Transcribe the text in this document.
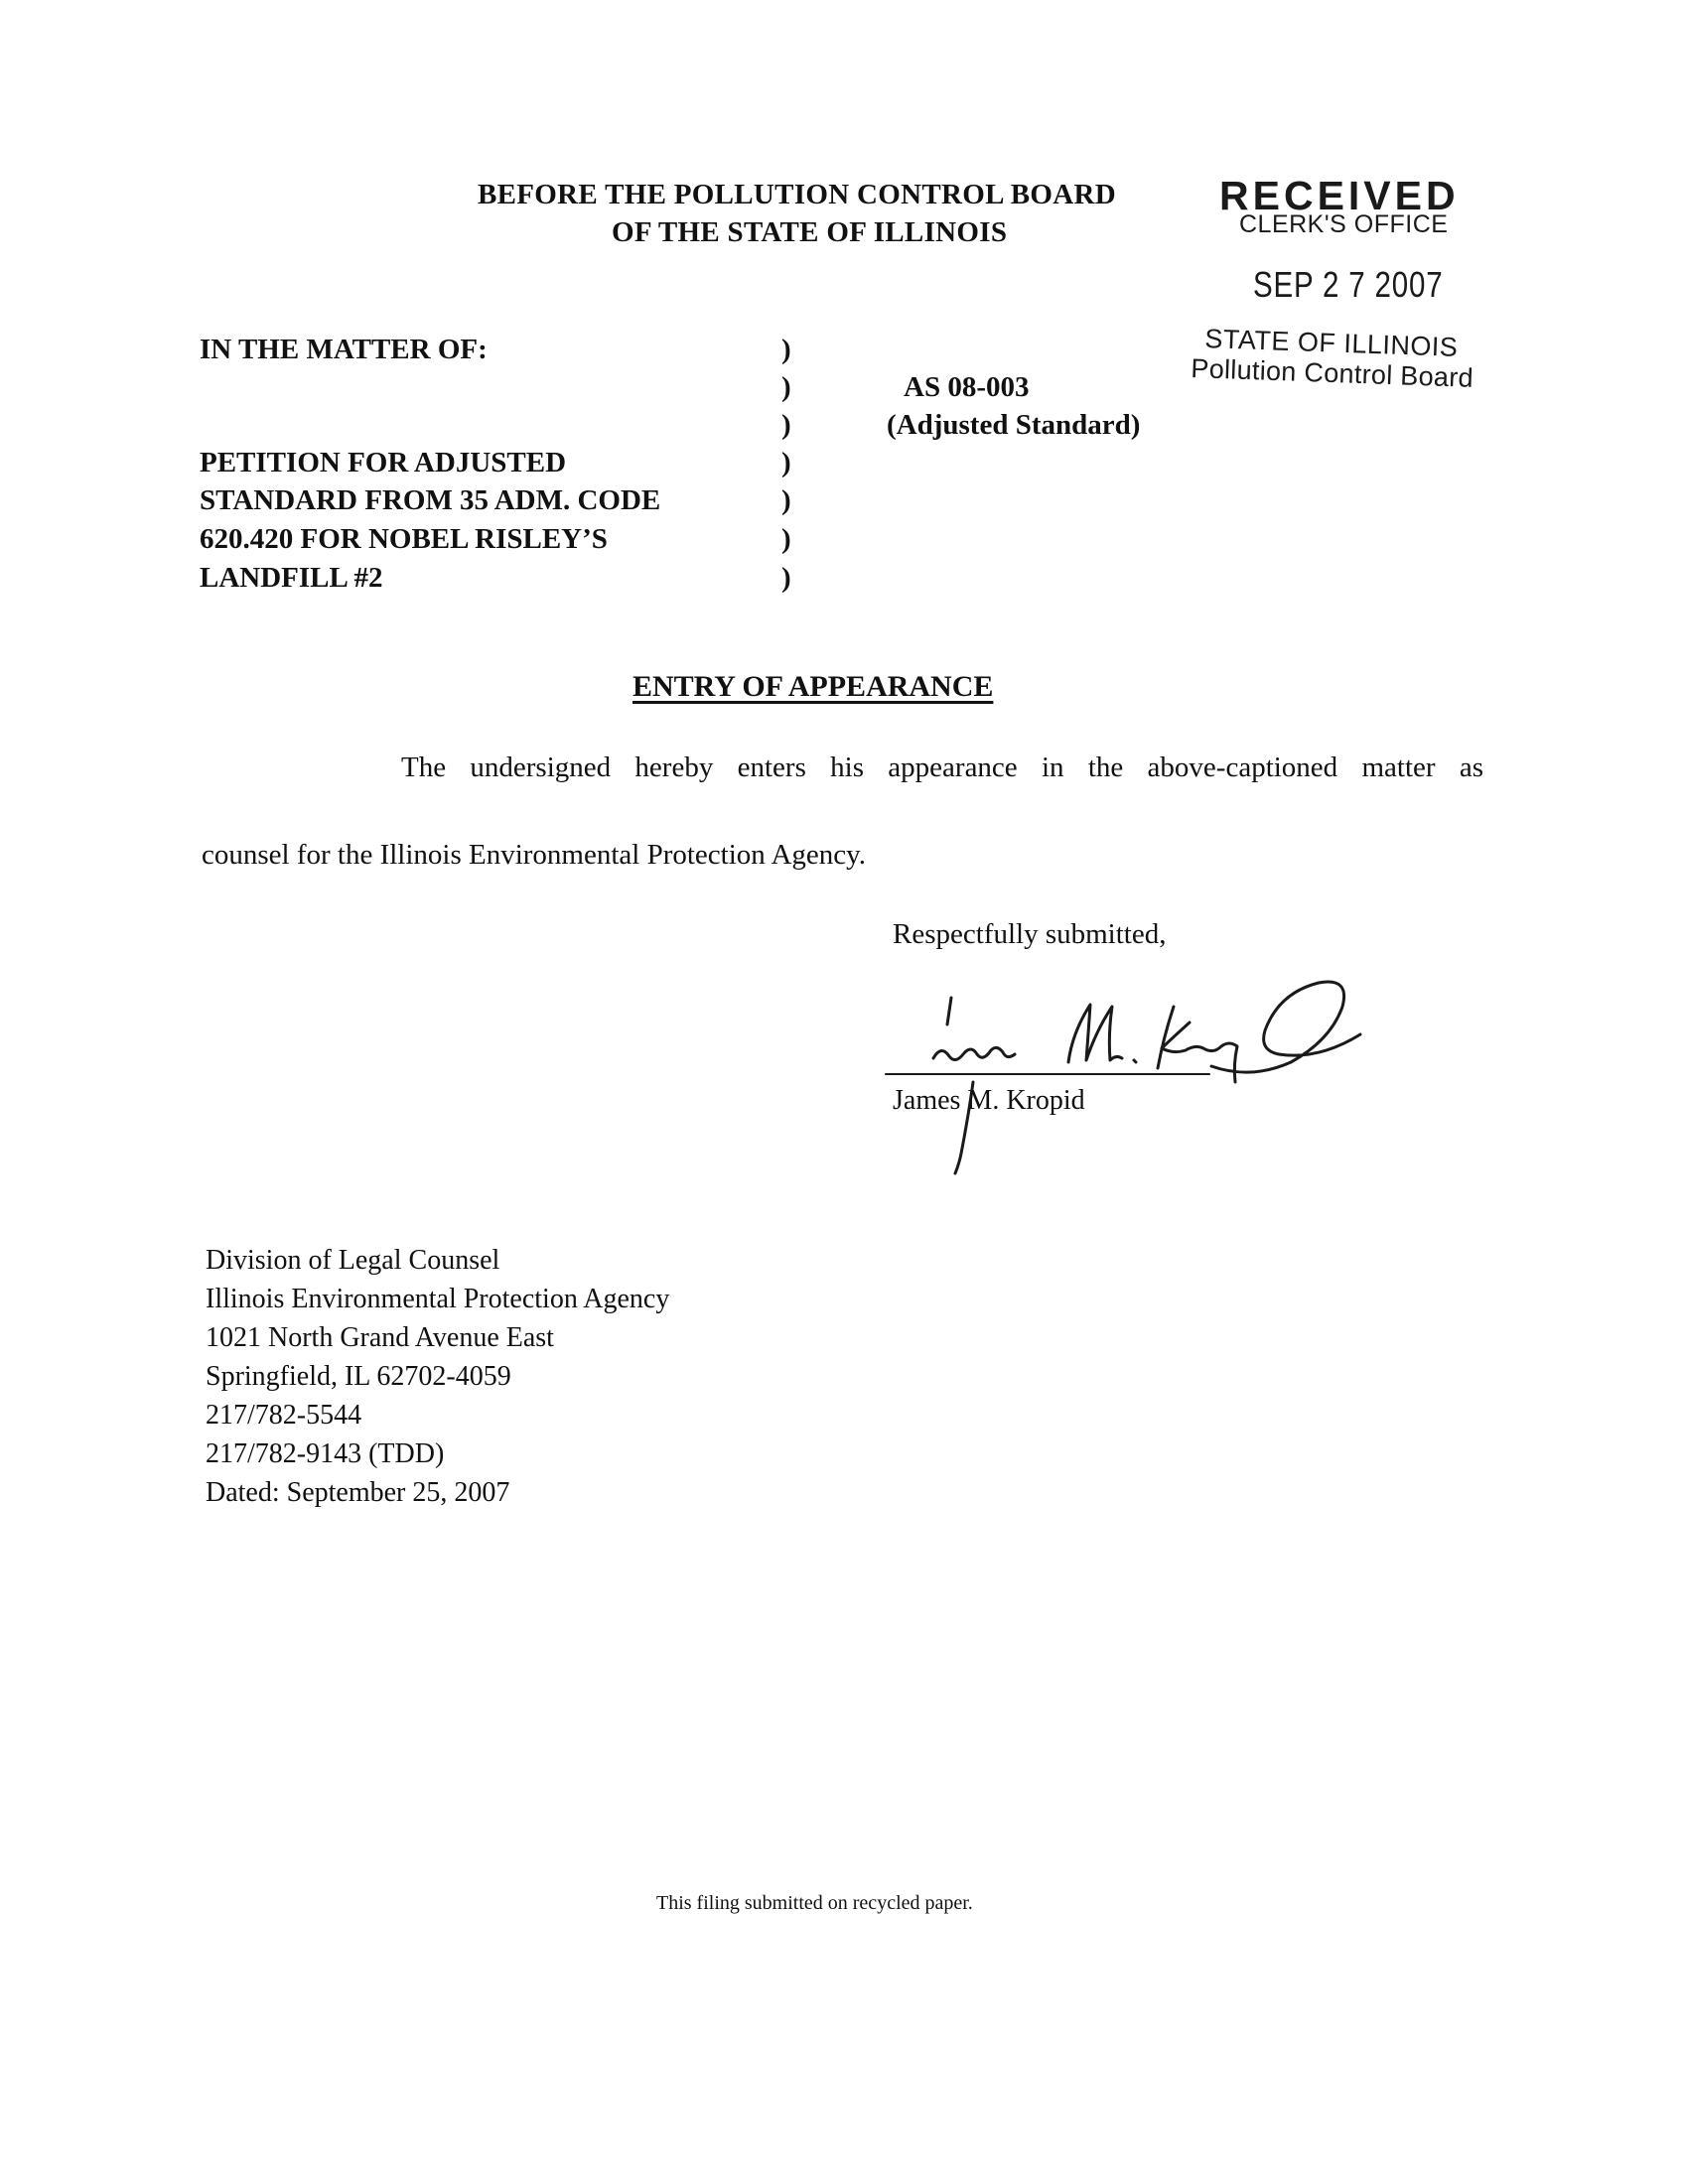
BEFORE THE POLLUTION CONTROL BOARD
OF THE STATE OF ILLINOIS
RECEIVED
CLERK'S OFFICE
SEP 2 7 2007
STATE OF ILLINOIS
Pollution Control Board
IN THE MATTER OF:
PETITION FOR ADJUSTED
STANDARD FROM 35 ADM. CODE
620.420 FOR NOBEL RISLEY’S
LANDFILL #2
)
)
)
)
)
)
)
AS 08-003
(Adjusted Standard)
ENTRY OF APPEARANCE
The undersigned hereby enters his appearance in the above-captioned matter as
counsel for the Illinois Environmental Protection Agency.
Respectfully submitted,
James M. Kropid
Division of Legal Counsel
Illinois Environmental Protection Agency
1021 North Grand Avenue East
Springfield, IL 62702-4059
217/782-5544
217/782-9143 (TDD)
Dated: September 25, 2007
This filing submitted on recycled paper.
